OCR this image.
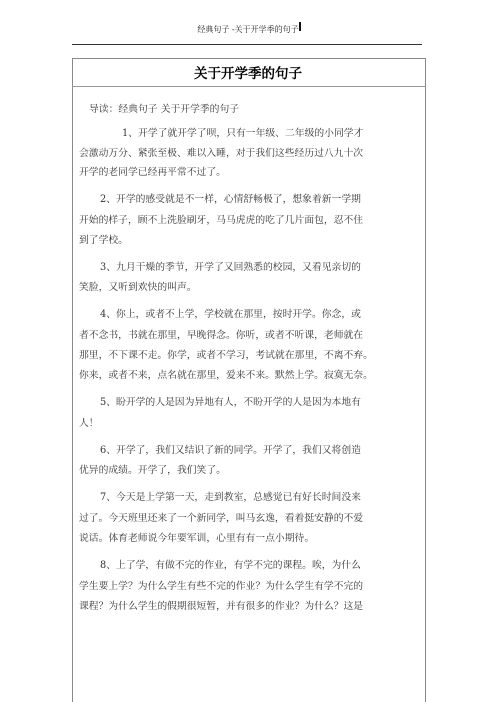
经典句子 -关于开学季的句子
关于开学季的句子
导读：经典句子 关于开学季的句子
1、开学了就开学了呗，只有一年级、二年级的小同学才
会激动万分、紧张至极、难以入睡，对于我们这些经历过八九十次
开学的老同学已经再平常不过了。
2、开学的感受就是不一样，心情舒畅极了，想象着新一学期
开始的样子，顾不上洗脸刷牙，马马虎虎的吃了几片面包，忍不住
到了学校。
3、九月干燥的季节，开学了又回熟悉的校园，又看见亲切的
笑脸，又听到欢快的叫声。
4、你上，或者不上学，学校就在那里，按时开学。你念，或
者不念书，书就在那里，早晚得念。你听，或者不听课，老师就在
那里，不下课不走。你学，或者不学习，考试就在那里，不离不弃。
你来，或者不来，点名就在那里，爱来不来。默然上学。寂寞无奈。
5、盼开学的人是因为异地有人，不盼开学的人是因为本地有
人！
6、开学了，我们又结识了新的同学。开学了，我们又将创造
优异的成绩。开学了，我们笑了。
7、今天是上学第一天，走到教室，总感觉已有好长时间没来
过了。今天班里还来了一个新同学，叫马玄逸，看着挺安静的不爱
说话。体育老师说今年要军训，心里有有一点小期待。
8、上了学，有做不完的作业，有学不完的课程。唉，为什么
学生要上学？为什么学生有些不完的作业？为什么学生有学不完的
课程？为什么学生的假期很短暂，并有很多的作业？为什么？这是
